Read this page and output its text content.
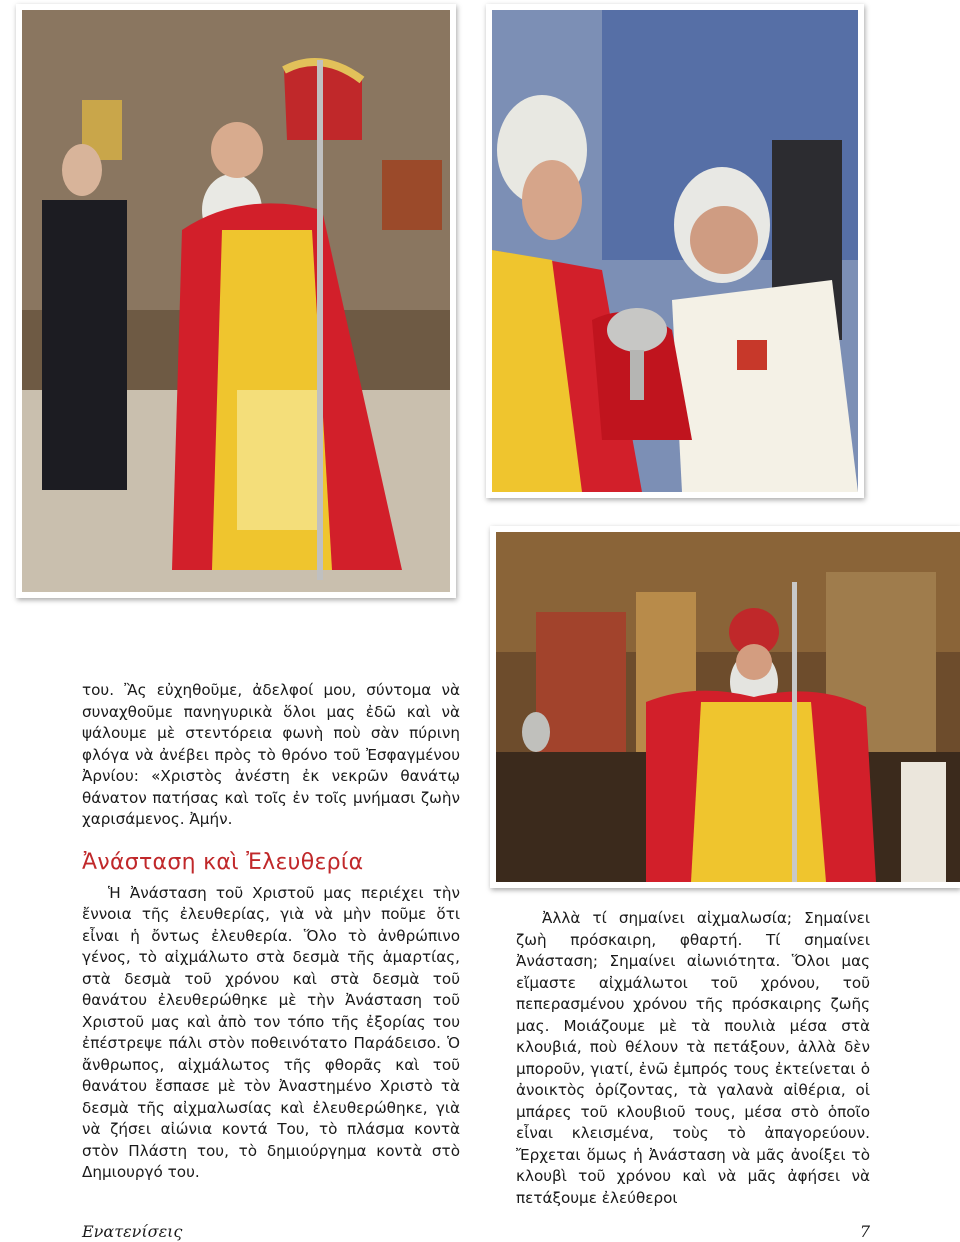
του. Ἂς εὐχηθοῦμε, ἀδελφοί μου, σύντομα νὰ συναχθοῦμε πανηγυρικὰ ὅλοι μας ἐδῶ καὶ νὰ ψάλουμε μὲ στεντόρεια φωνὴ ποὺ σὰν πύρινη φλόγα νὰ ἀνέβει πρὸς τὸ θρόνο τοῦ Ἐσφαγμένου Ἀρνίου: «Χριστὸς ἀνέστη ἐκ νεκρῶν θανάτῳ θάνατον πατήσας καὶ τοῖς ἐν τοῖς μνήμασι ζωὴν χαρισάμενος. Ἀμήν.

Ἀνάσταση καὶ Ἐλευθερία

Ἡ Ἀνάσταση τοῦ Χριστοῦ μας περιέχει τὴν ἔννοια τῆς ἐλευθερίας, γιὰ νὰ μὴν ποῦμε ὅτι εἶναι ἡ ὄντως ἐλευθερία. Ὅλο τὸ ἀνθρώπινο γένος, τὸ αἰχμάλωτο στὰ δεσμὰ τῆς ἁμαρτίας, στὰ δεσμὰ τοῦ χρόνου καὶ στὰ δεσμὰ τοῦ θανάτου ἐλευθερώθηκε μὲ τὴν Ἀνάσταση τοῦ Χριστοῦ μας καὶ ἀπὸ τον τόπο τῆς ἐξορίας του ἐπέστρεψε πάλι στὸν ποθεινότατο Παράδεισο. Ὁ ἄνθρωπος, αἰχμάλωτος τῆς φθορᾶς καὶ τοῦ θανάτου ἔσπασε μὲ τὸν Ἀναστημένο Χριστὸ τὰ δεσμὰ τῆς αἰχμαλωσίας καὶ ἐλευθερώθηκε, γιὰ νὰ ζήσει αἰώνια κοντά Του, τὸ πλάσμα κοντὰ στὸν Πλάστη του, τὸ δημιούργημα κοντὰ στὸ Δημιουργό του.

Ἀλλὰ τί σημαίνει αἰχμαλωσία; Σημαίνει ζωὴ πρόσκαιρη, φθαρτή. Τί σημαίνει Ἀνάσταση; Σημαίνει αἰωνιότητα. Ὅλοι μας εἴμαστε αἰχμάλωτοι τοῦ χρόνου, τοῦ πεπερασμένου χρόνου τῆς πρόσκαιρης ζωῆς μας. Μοιάζουμε μὲ τὰ πουλιὰ μέσα στὰ κλουβιά, ποὺ θέλουν τὰ πετάξουν, ἀλλὰ δὲν μποροῦν, γιατί, ἐνῶ ἐμπρός τους ἐκτείνεται ὁ ἀνοικτὸς ὁρίζοντας, τὰ γαλανὰ αἰθέρια, οἱ μπάρες τοῦ κλουβιοῦ τους, μέσα στὸ ὁποῖο εἶναι κλεισμένα, τοὺς τὸ ἀπαγορεύουν. Ἔρχεται ὅμως ἡ Ἀνάσταση νὰ μᾶς ἀνοίξει τὸ κλουβὶ τοῦ χρόνου καὶ νὰ μᾶς ἀφήσει νὰ πετάξουμε ἐλεύθεροι

Ενατενίσεις	7
